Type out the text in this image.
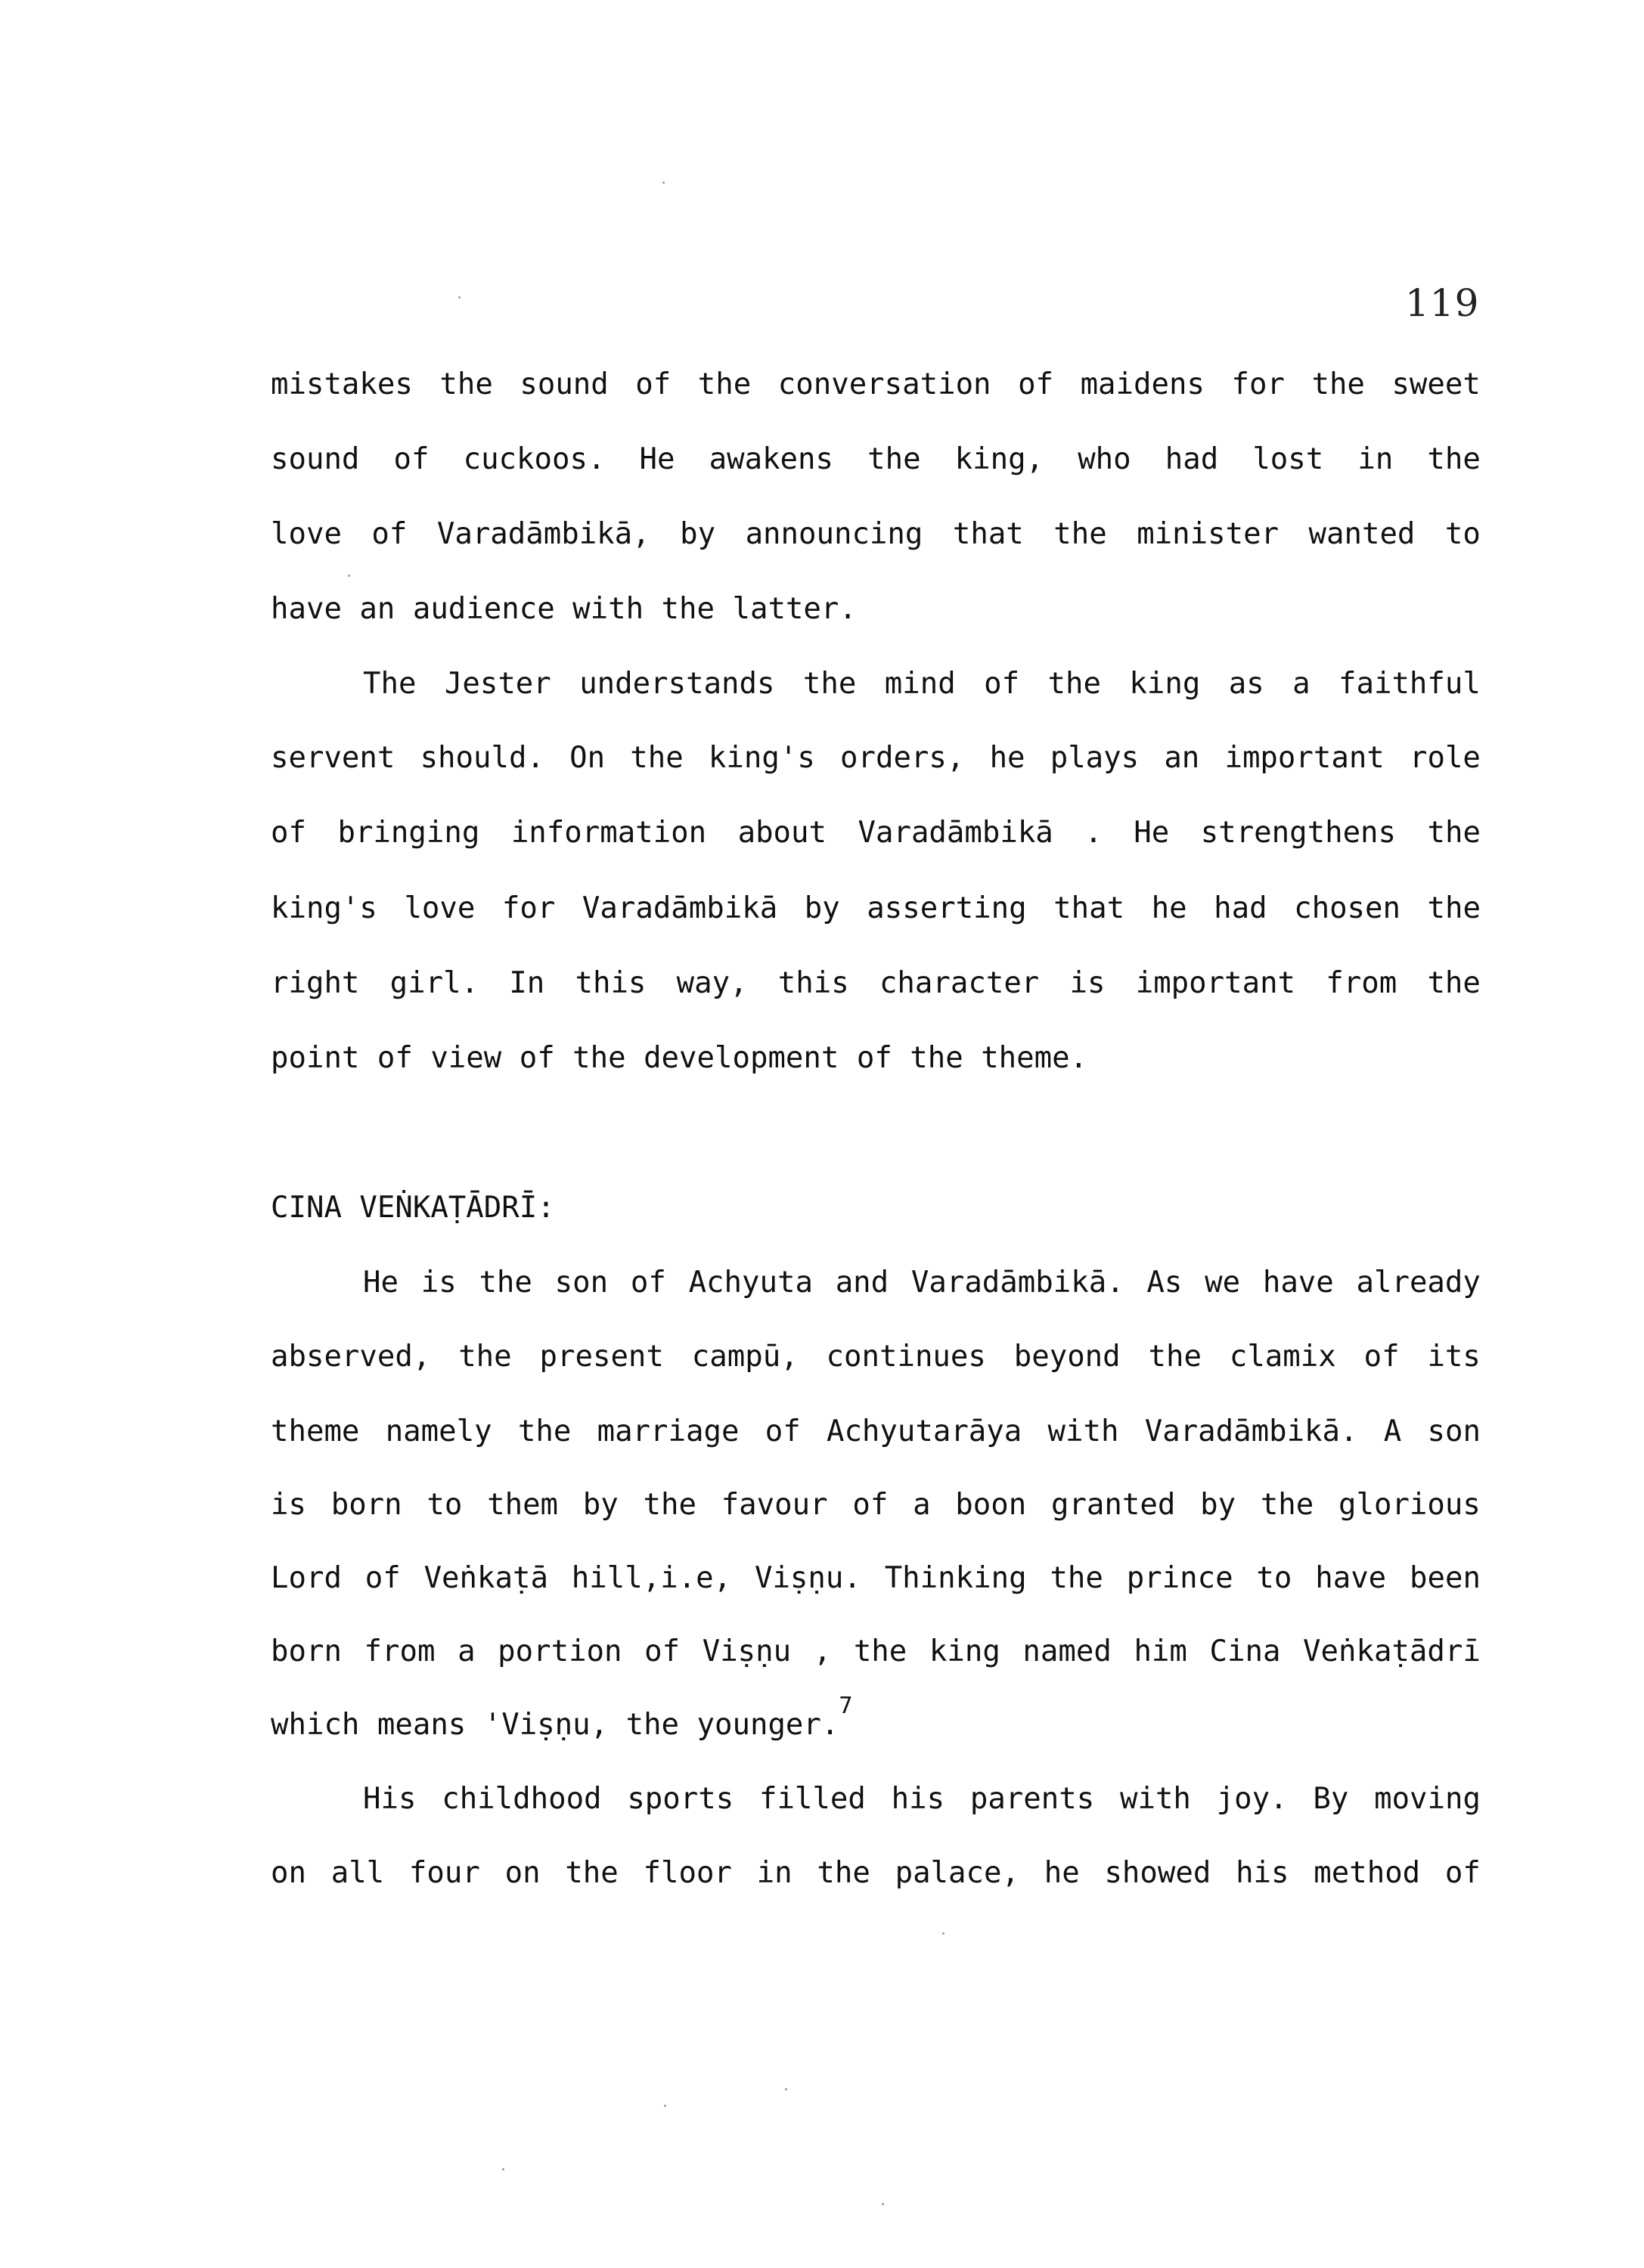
119
mistakes the sound of the conversation of maidens for the sweet
sound of cuckoos. He awakens the king, who had lost in the
love of Varadāmbikā, by announcing that the minister wanted to
have an audience with the latter.
The Jester understands the mind of the king as a faithful
servent should. On the king's orders, he plays an important role
of bringing information about Varadāmbikā . He strengthens the
king's love for Varadāmbikā by asserting that he had chosen the
right girl. In this way, this character is important from the
point of view of the development of the theme.
CINA VEṄKAṬĀDRĪ:
He is the son of Achyuta and Varadāmbikā. As we have already
abserved, the present campū, continues beyond the clamix of its
theme namely the marriage of Achyutarāya with Varadāmbikā. A son
is born to them by the favour of a boon granted by the glorious
Lord of Veṅkaṭā hill,i.e, Viṣṇu. Thinking the prince to have been
born from a portion of Viṣṇu , the king named him Cina Veṅkaṭādrī
which means 'Viṣṇu, the younger.
7
His childhood sports filled his parents with joy. By moving
on all four on the floor in the palace, he showed his method of
